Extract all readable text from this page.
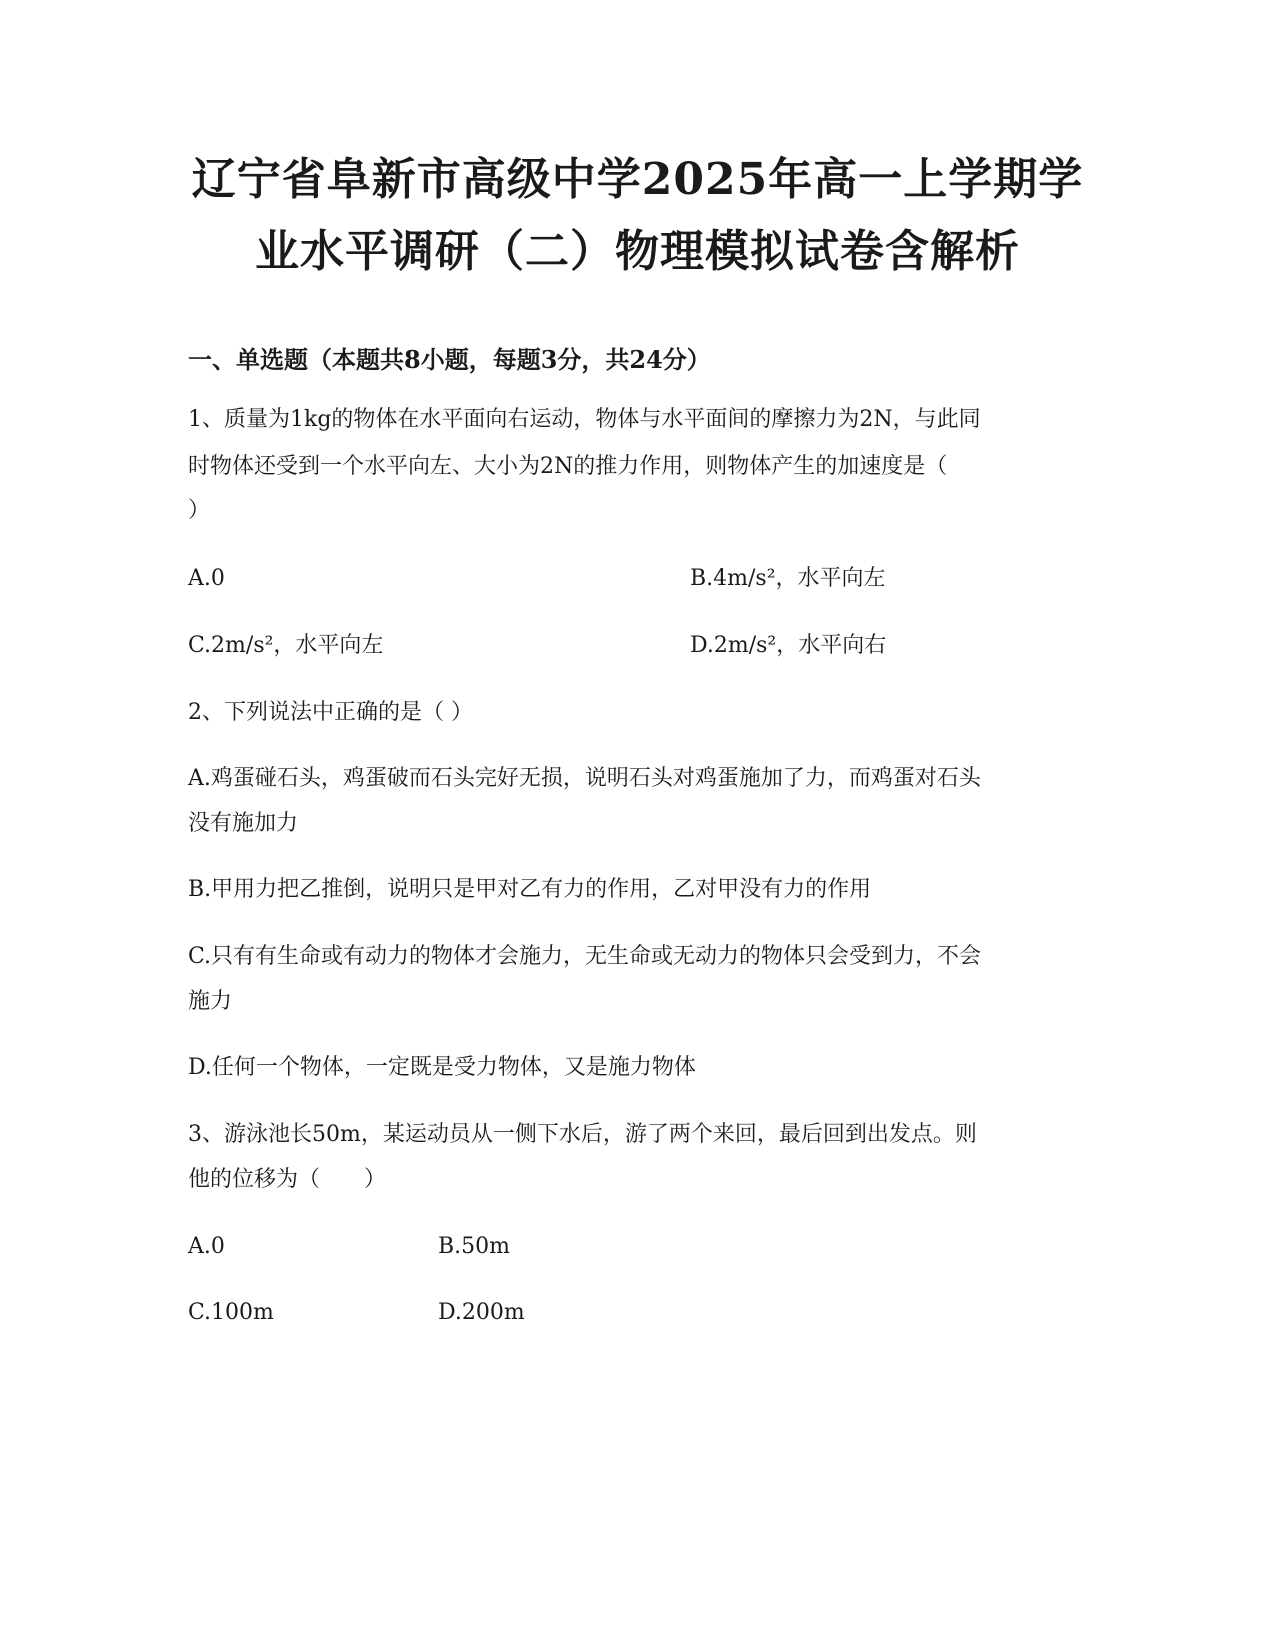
辽宁省阜新市高级中学2025年高一上学期学
业水平调研（二）物理模拟试卷含解析
一、单选题（本题共8小题，每题3分，共24分）
1、质量为1kg的物体在水平面向右运动，物体与水平面间的摩擦力为2N，与此同
时物体还受到一个水平向左、大小为2N的推力作用，则物体产生的加速度是（
）
A.0	B.4m/s²，水平向左
C.2m/s²，水平向左	D.2m/s²，水平向右
2、下列说法中正确的是（ ）
A.鸡蛋碰石头，鸡蛋破而石头完好无损，说明石头对鸡蛋施加了力，而鸡蛋对石头
没有施加力
B.甲用力把乙推倒，说明只是甲对乙有力的作用，乙对甲没有力的作用
C.只有有生命或有动力的物体才会施力，无生命或无动力的物体只会受到力，不会
施力
D.任何一个物体，一定既是受力物体，又是施力物体
3、游泳池长50m，某运动员从一侧下水后，游了两个来回，最后回到出发点。则
他的位移为（　　）
A.0	B.50m
C.100m	D.200m
